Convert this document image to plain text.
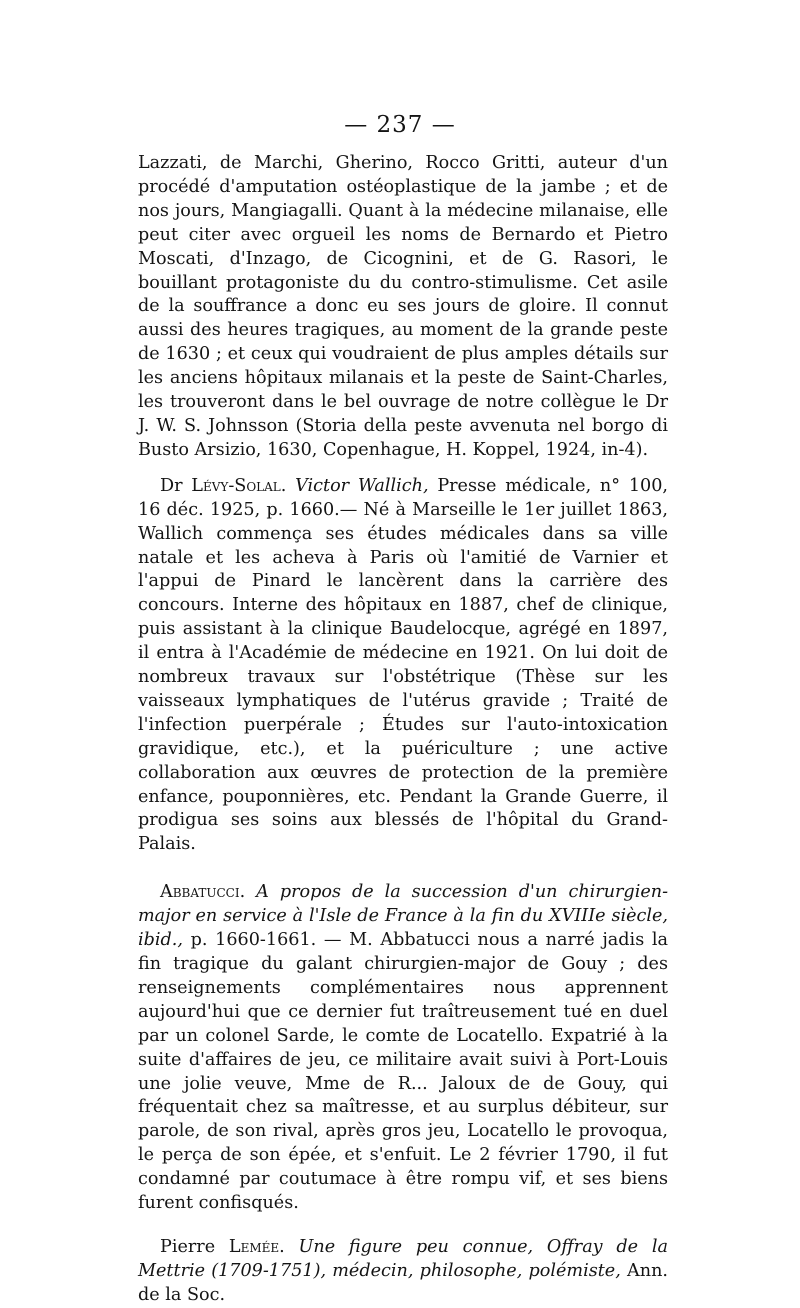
— 237 —

Lazzati, de Marchi, Gherino, Rocco Gritti, auteur d'un procédé d'amputation ostéoplastique de la jambe ; et de nos jours, Mangiagalli. Quant à la médecine milanaise, elle peut citer avec orgueil les noms de Bernardo et Pietro Moscati, d'Inzago, de Cicognini, et de G. Rasori, le bouillant protagoniste du du contro-stimulisme. Cet asile de la souffrance a donc eu ses jours de gloire. Il connut aussi des heures tragiques, au moment de la grande peste de 1630 ; et ceux qui voudraient de plus amples détails sur les anciens hôpitaux milanais et la peste de Saint-Charles, les trouveront dans le bel ouvrage de notre collègue le Dr J. W. S. Johnsson (Storia della peste avvenuta nel borgo di Busto Arsizio, 1630, Copenhague, H. Koppel, 1924, in-4).

Dr Lévy-Solal. Victor Wallich, Presse médicale, n° 100, 16 déc. 1925, p. 1660.— Né à Marseille le 1er juillet 1863, Wallich commença ses études médicales dans sa ville natale et les acheva à Paris où l'amitié de Varnier et l'appui de Pinard le lancèrent dans la carrière des concours. Interne des hôpitaux en 1887, chef de clinique, puis assistant à la clinique Baudelocque, agrégé en 1897, il entra à l'Académie de médecine en 1921. On lui doit de nombreux travaux sur l'obstétrique (Thèse sur les vaisseaux lymphatiques de l'utérus gravide ; Traité de l'infection puerpérale ; Études sur l'auto-intoxication gravidique, etc.), et la puériculture ; une active collaboration aux œuvres de protection de la première enfance, pouponnières, etc. Pendant la Grande Guerre, il prodigua ses soins aux blessés de l'hôpital du Grand-Palais.

Abbatucci. A propos de la succession d'un chirurgien-major en service à l'Isle de France à la fin du XVIIIe siècle, ibid., p. 1660-1661. — M. Abbatucci nous a narré jadis la fin tragique du galant chirurgien-major de Gouy ; des renseignements complémentaires nous apprennent aujourd'hui que ce dernier fut traîtreusement tué en duel par un colonel Sarde, le comte de Locatello. Expatrié à la suite d'affaires de jeu, ce militaire avait suivi à Port-Louis une jolie veuve, Mme de R... Jaloux de de Gouy, qui fréquentait chez sa maîtresse, et au surplus débiteur, sur parole, de son rival, après gros jeu, Locatello le provoqua, le perça de son épée, et s'enfuit. Le 2 février 1790, il fut condamné par coutumace à être rompu vif, et ses biens furent confisqués.

Pierre Lemée. Une figure peu connue, Offray de la Mettrie (1709-1751), médecin, philosophe, polémiste, Ann. de la Soc.
